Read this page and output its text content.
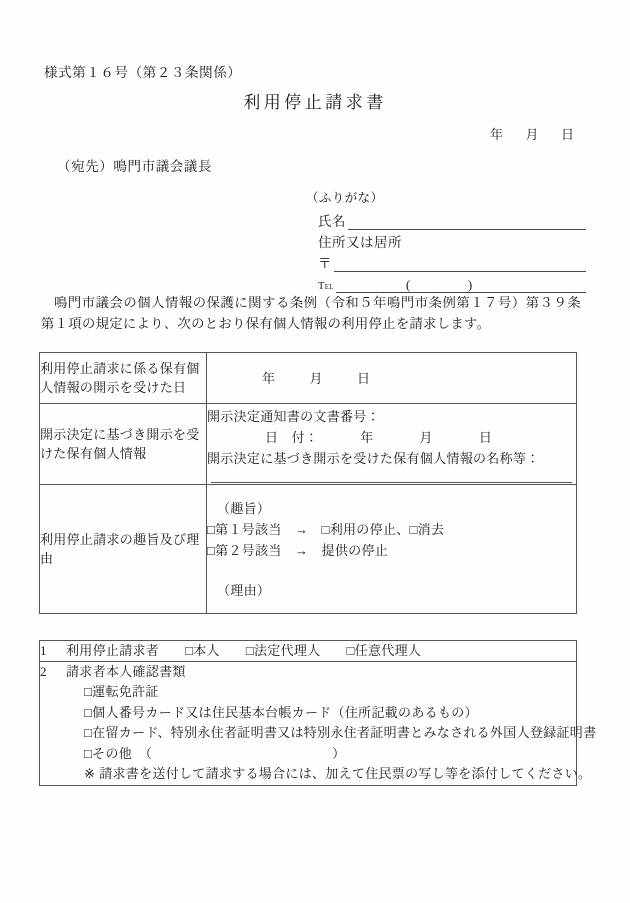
様式第１６号（第２３条関係）
利用停止請求書
年 月 日
（宛先）鳴門市議会議長
（ふりがな）
氏名
住所又は居所
〒
Tel	(	)
鳴門市議会の個人情報の保護に関する条例（令和５年鳴門市条例第１７号）第３９条第１項の規定により、次のとおり保有個人情報の利用停止を請求します。
利用停止請求に係る保有個人情報の開示を受けた日	年 月 日

開示決定に基づき開示を受けた保有個人情報	開示決定通知書の文書番号：
日　付： 年 月 日
開示決定に基づき開示を受けた保有個人情報の名称等：

利用停止請求の趣旨及び理由	（趣旨）
□第１号該当　→　□利用の停止、□消去
□第２号該当　→　提供の停止
（理由）
1 利用停止請求者 □本人 □法定代理人 □任意代理人

2 請求者本人確認書類
□運転免許証
□個人番号カード又は住民基本台帳カード（住所記載のあるもの）
□在留カード、特別永住者証明書又は特別永住者証明書とみなされる外国人登録証明書
□その他　（	）
※ 請求書を送付して請求する場合には、加えて住民票の写し等を添付してください。
